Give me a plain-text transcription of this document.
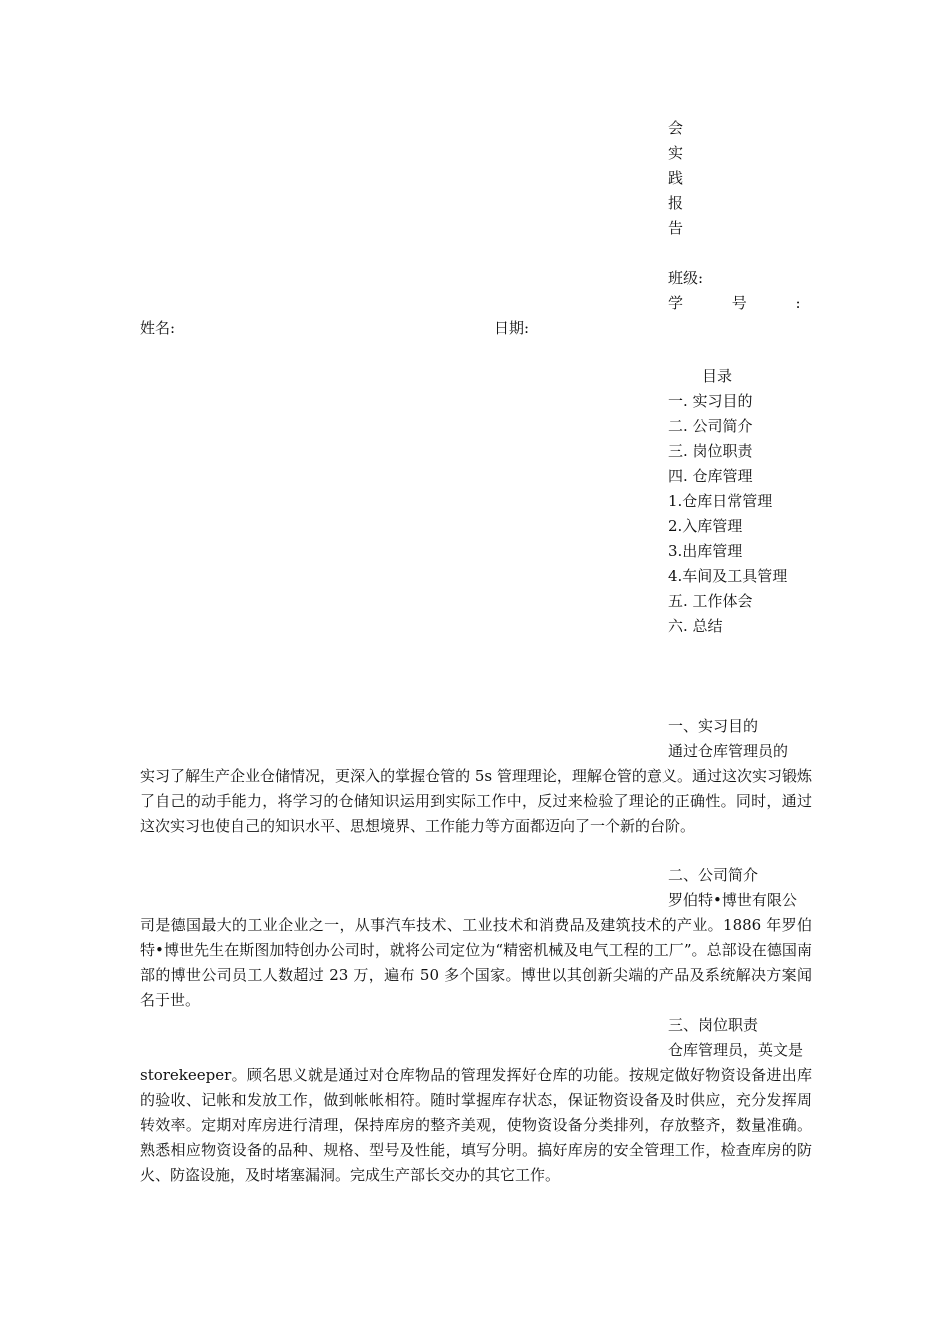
会
实
践
报
告
班级:
学 号 :
姓名:	日期:
目录
一. 实习目的
二. 公司简介
三. 岗位职责
四. 仓库管理
1.仓库日常管理
2.入库管理
3.出库管理
4.车间及工具管理
五. 工作体会
六. 总结
一、实习目的
通过仓库管理员的
实习了解生产企业仓储情况，更深入的掌握仓管的 5s 管理理论，理解仓管的意义。通过这次实习锻炼了自己的动手能力，将学习的仓储知识运用到实际工作中，反过来检验了理论的正确性。同时，通过这次实习也使自己的知识水平、思想境界、工作能力等方面都迈向了一个新的台阶。
二、公司简介
罗伯特•博世有限公
司是德国最大的工业企业之一，从事汽车技术、工业技术和消费品及建筑技术的产业。1886 年罗伯特•博世先生在斯图加特创办公司时，就将公司定位为“精密机械及电气工程的工厂”。总部设在德国南部的博世公司员工人数超过 23 万，遍布 50 多个国家。博世以其创新尖端的产品及系统解决方案闻名于世。
三、岗位职责
仓库管理员，英文是
storekeeper。顾名思义就是通过对仓库物品的管理发挥好仓库的功能。按规定做好物资设备进出库的验收、记帐和发放工作，做到帐帐相符。随时掌握库存状态，保证物资设备及时供应，充分发挥周转效率。定期对库房进行清理，保持库房的整齐美观，使物资设备分类排列，存放整齐，数量准确。熟悉相应物资设备的品种、规格、型号及性能，填写分明。搞好库房的安全管理工作，检查库房的防火、防盗设施，及时堵塞漏洞。完成生产部长交办的其它工作。
